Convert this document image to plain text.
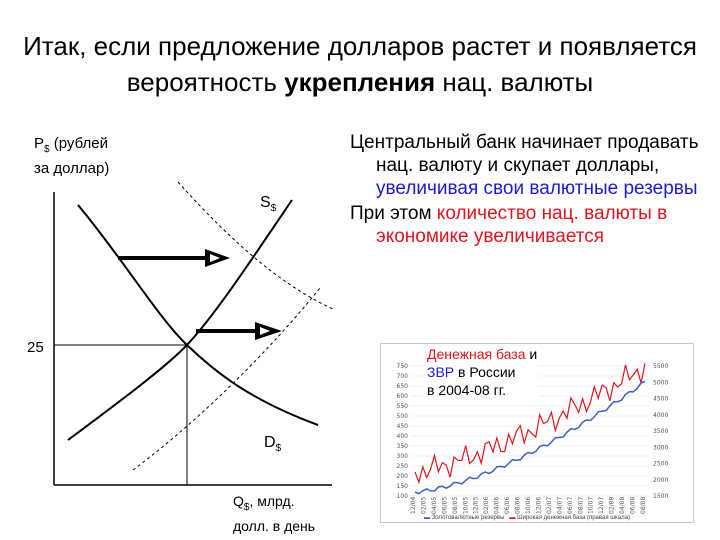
Итак, если предложение долларов растет и появляется вероятность укрепления нац. валюты
$P_{\$}$ (рублей
за доллар)
$Q_{\$}$, млрд.
долл. в день
25
$S_{\$}$
$D_{\$}$

Центральный банк начинает продавать нац. валюту и скупает доллары, увеличивая свои валютные резервы

При этом количество нац. валюты в экономике увеличивается

750
700
650
600
550
500
450
400
350
300
250
200
150
100
5500
5000
4500
4000
3500
3000
2500
2000
1500
12/04 02/05 04/05 06/05 08/05 10/05 12/05 02/06 04/06 06/06 08/06 10/06 12/06 02/07 04/07 06/07 08/07 10/07 12/07 02/08 04/08 06/08 08/08
Денежная база и
ЗВР в России
в 2004-08 гг.
▬ Золотовалютные резервы ▬ Широкая денежная база (правая шкала)
